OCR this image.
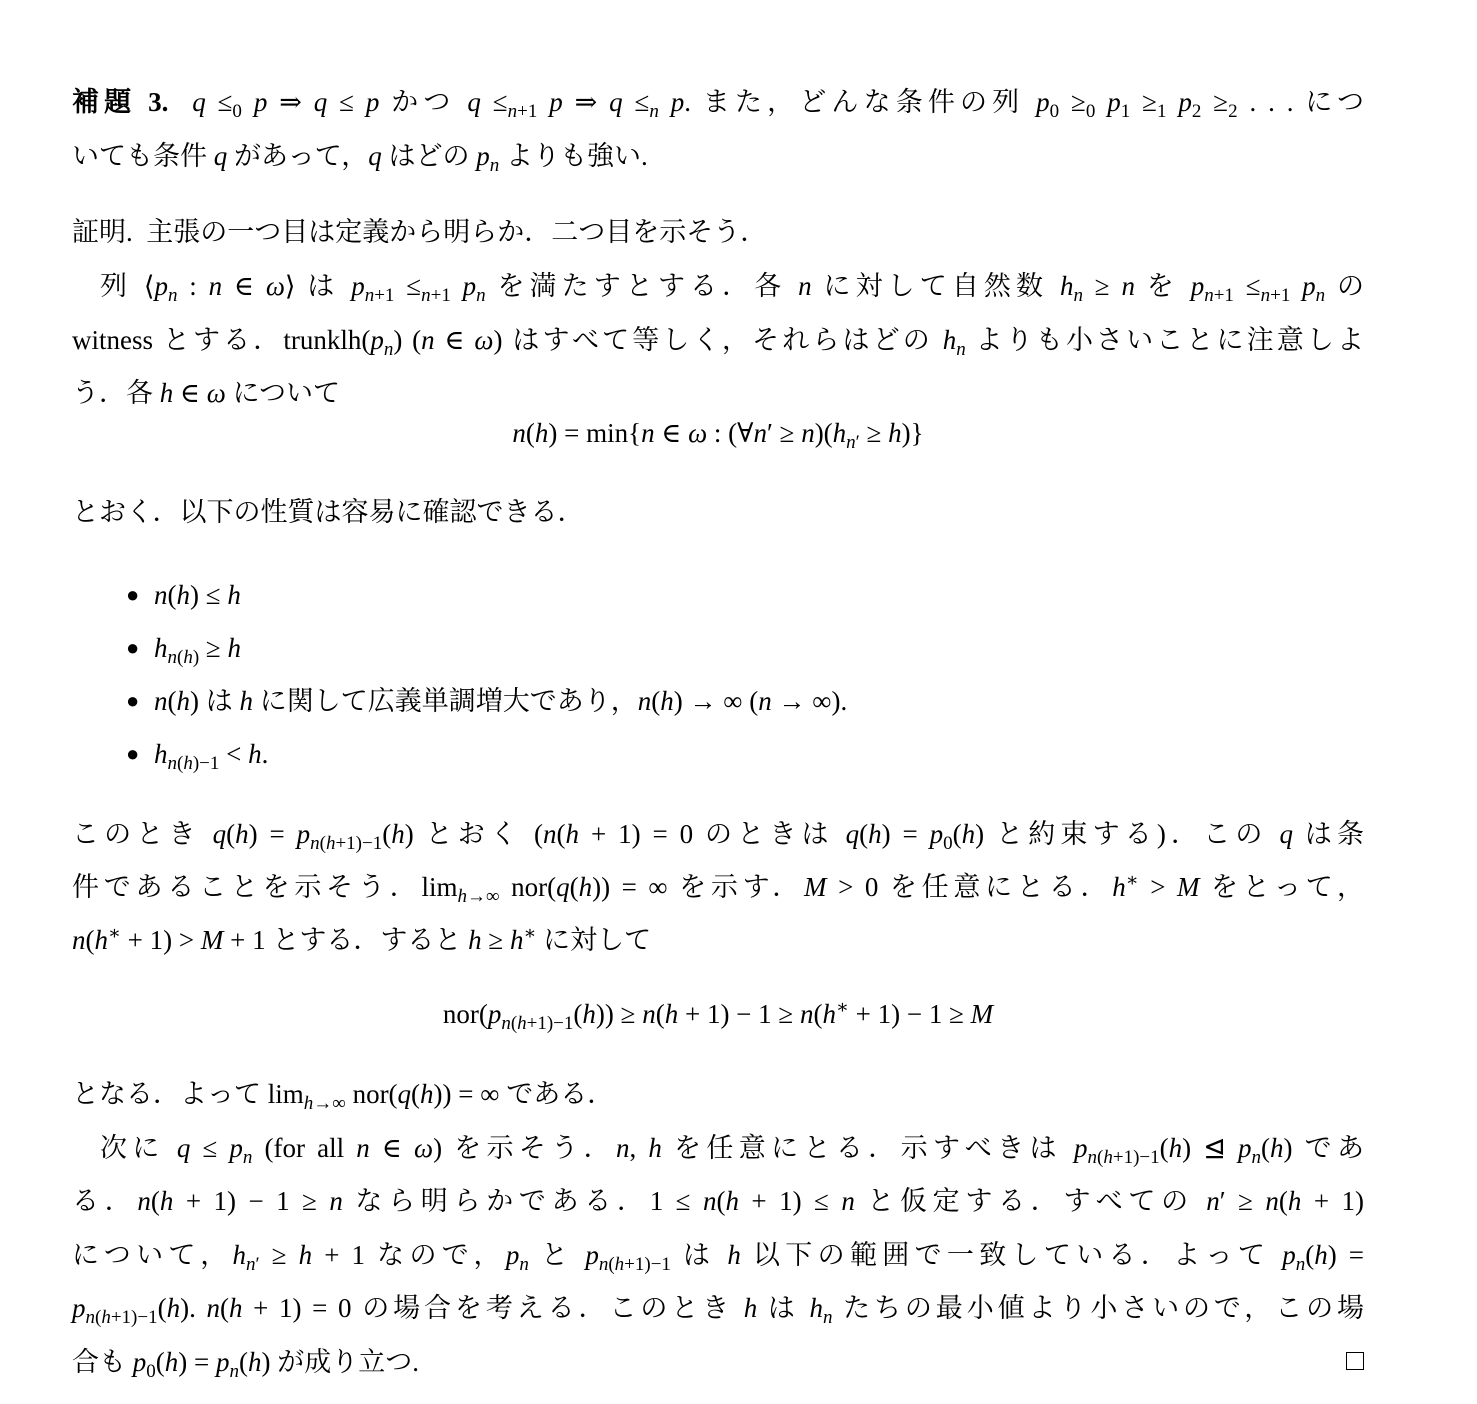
補題 3. $q \le_0$ p ⇒ q ≤ p かつ $q \le_{n+1}$ p ⇒ $q \le_n$ p. また，どんな条件の列 $p_0 \ge_0$ $p_1 \ge_1$ $p_2 \ge_2$ . . . につ
いても条件 q があって，q はどの $p_n$ よりも強い.
証明.  主張の一つ目は定義から明らか．二つ目を示そう．
列 $⟨p_n$ : n ∈ ω⟩ は $p_{n+1} \le_{n+1}$ $p_n$ を満たすとする．各 n に対して自然数 $h_n \ge n$ を $p_{n+1} \le_{n+1}$ $p_n$ の
witness とする．$trunklh(p_n)$ (n ∈ ω) はすべて等しく，それらはどの $h_n$ よりも小さいことに注意しよ
う．各 h ∈ ω について
n(h) = min{n ∈ ω : (∀n′ ≥ $n)(h_{n'} \ge h)$}
とおく．以下の性質は容易に確認できる．
● n(h) ≤ h
● $h_{n(h)} \ge h$
● n(h) は h に関して広義単調増大であり，n(h) → ∞ (n → ∞).
● $h_{n(h)-1} < h$.
このとき $q(h) = p_{n(h+1)-1}(h)$ とおく (n(h + 1) = 0 のときは $q(h) = p_0(h)$ と約束する)．この q は条
件であることを示そう．$\lim_{h\to\infty} nor(q(h))$ = ∞ を示す．M > 0 を任意にとる．h∗ > M をとって，
n(h∗ + 1) > M + 1 とする．すると h ≥ h∗ に対して
$nor(p_{n(h+1)-1}(h)) \ge n(h + 1) - 1 \ge n(h^∗ + 1) - 1 \ge M$
となる．よって $\lim_{h\to\infty} nor(q(h))$ = ∞ である．
次に $q \le p_n$ (for all n ∈ ω) を示そう．n, h を任意にとる．示すべきは $p_{n(h+1)-1}(h)$ ⊴ $p_n(h)$ であ
る．n(h + 1) − 1 ≥ n なら明らかである．1 ≤ n(h + 1) ≤ n と仮定する．すべての n′ ≥ n(h + 1)
について，$h_{n'} \ge h + 1$ なので，$p_n$ と $p_{n(h+1)-1}$ は h 以下の範囲で一致している．よって $p_n(h)$ =
$p_{n(h+1)-1}(h)$. n(h + 1) = 0 の場合を考える．このとき h は $h_n$ たちの最小値より小さいので，この場
合も $p_0(h) = p_n(h)$ が成り立つ.
